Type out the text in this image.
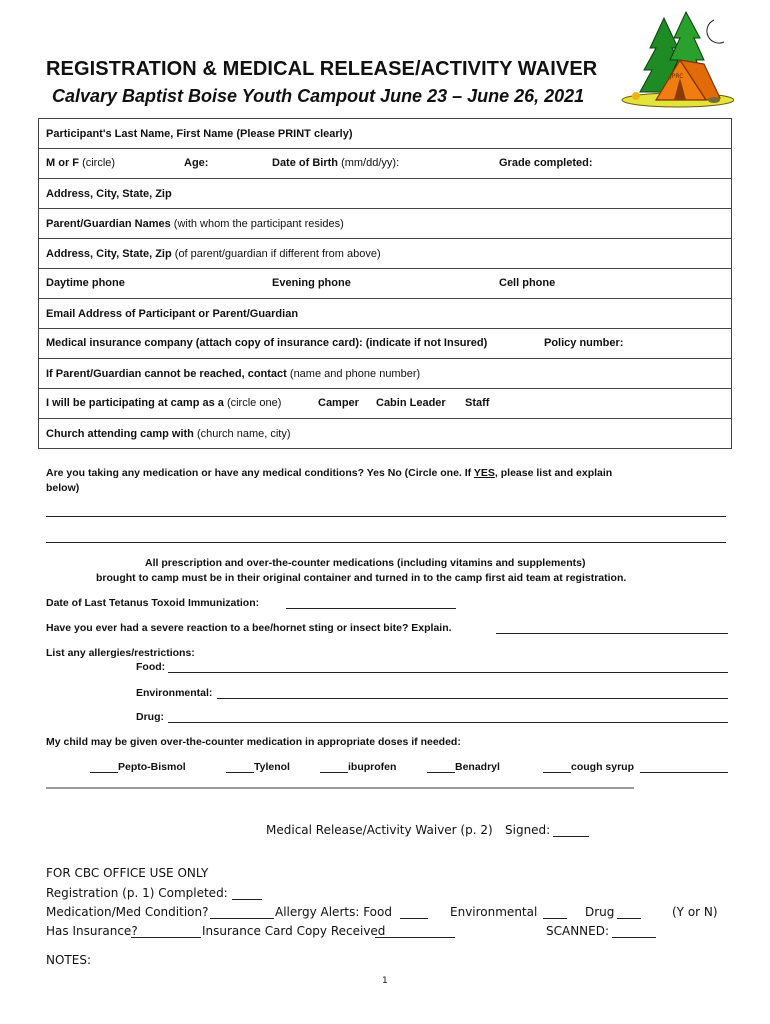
REGISTRATION & MEDICAL RELEASE/ACTIVITY WAIVER
Calvary Baptist Boise Youth Campout June 23 – June 26, 2021
JPRC
Participant's Last Name, First Name (Please PRINT clearly)

M or F (circle)	Age:	Date of Birth (mm/dd/yy):	Grade completed:

Address, City, State, Zip
Parent/Guardian Names (with whom the participant resides)
Address, City, State, Zip (of parent/guardian if different from above)

Daytime phone	Evening phone	Cell phone

Email Address of Participant or Parent/Guardian

Medical insurance company (attach copy of insurance card): (indicate if not Insured)	Policy number:

If Parent/Guardian cannot be reached, contact (name and phone number)

I will be participating at camp as a (circle one)	Camper Cabin Leader Staff

Church attending camp with (church name, city)
Are you taking any medication or have any medical conditions? Yes No (Circle one. If YES, please list and explain
below)
All prescription and over-the-counter medications (including vitamins and supplements)
brought to camp must be in their original container and turned in to the camp first aid team at registration.
Date of Last Tetanus Toxoid Immunization:
Have you ever had a severe reaction to a bee/hornet sting or insect bite? Explain.
List any allergies/restrictions:
Food:
Environmental:
Drug:
My child may be given over-the-counter medication in appropriate doses if needed:
Pepto-Bismol	Tylenol	ibuprofen	Benadryl	cough syrup
Medical Release/Activity Waiver (p. 2) Signed:
FOR CBC OFFICE USE ONLY
Registration (p. 1) Completed:
Medication/Med Condition?	Allergy Alerts: Food	Environmental	Drug	(Y or N)
Has Insurance?	Insurance Card Copy Received	SCANNED:
NOTES:
1
